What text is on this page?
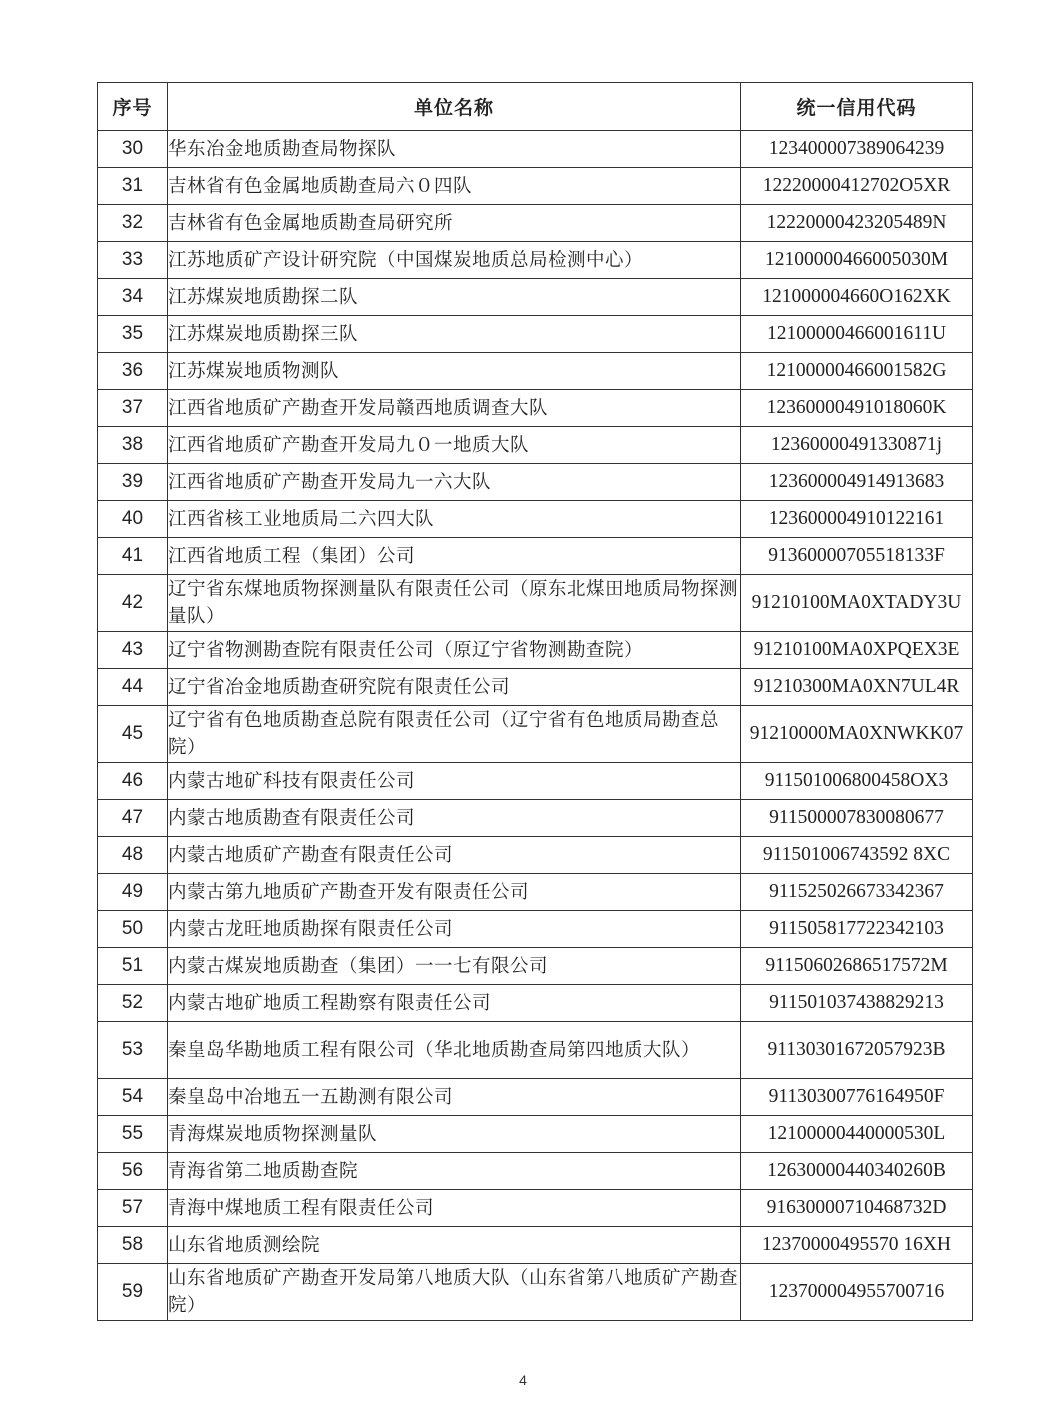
序号	单位名称	统一信用代码
30	华东冶金地质勘查局物探队	123400007389064239
31	吉林省有色金属地质勘查局六０四队	12220000412702O5XR
32	吉林省有色金属地质勘查局研究所	12220000423205489N
33	江苏地质矿产设计研究院（中国煤炭地质总局检测中心）	12100000466005030M
34	江苏煤炭地质勘探二队	121000004660O162XK
35	江苏煤炭地质勘探三队	12100000466001611U
36	江苏煤炭地质物测队	12100000466001582G
37	江西省地质矿产勘查开发局赣西地质调查大队	12360000491018060K
38	江西省地质矿产勘查开发局九０一地质大队	12360000491330871j
39	江西省地质矿产勘查开发局九一六大队	123600004914913683
40	江西省核工业地质局二六四大队	123600004910122161
41	江西省地质工程（集团）公司	91360000705518133F
42	辽宁省东煤地质物探测量队有限责任公司（原东北煤田地质局物探测量队）	91210100MA0XTADY3U
43	辽宁省物测勘查院有限责任公司（原辽宁省物测勘查院）	91210100MA0XPQEX3E
44	辽宁省冶金地质勘查研究院有限责任公司	91210300MA0XN7UL4R
45	辽宁省有色地质勘查总院有限责任公司（辽宁省有色地质局勘查总院）	91210000MA0XNWKK07
46	内蒙古地矿科技有限责任公司	911501006800458OX3
47	内蒙古地质勘查有限责任公司	911500007830080677
48	内蒙古地质矿产勘查有限责任公司	911501006743592 8XC
49	内蒙古第九地质矿产勘查开发有限责任公司	911525026673342367
50	内蒙古龙旺地质勘探有限责任公司	911505817722342103
51	内蒙古煤炭地质勘查（集团）一一七有限公司	91150602686517572M
52	内蒙古地矿地质工程勘察有限责任公司	911501037438829213
53	秦皇岛华勘地质工程有限公司（华北地质勘查局第四地质大队）	91130301672057923B
54	秦皇岛中冶地五一五勘测有限公司	91130300776164950F
55	青海煤炭地质物探测量队	12100000440000530L
56	青海省第二地质勘查院	12630000440340260B
57	青海中煤地质工程有限责任公司	91630000710468732D
58	山东省地质测绘院	12370000495570 16XH
59	山东省地质矿产勘查开发局第八地质大队（山东省第八地质矿产勘查院）	123700004955700716
4
